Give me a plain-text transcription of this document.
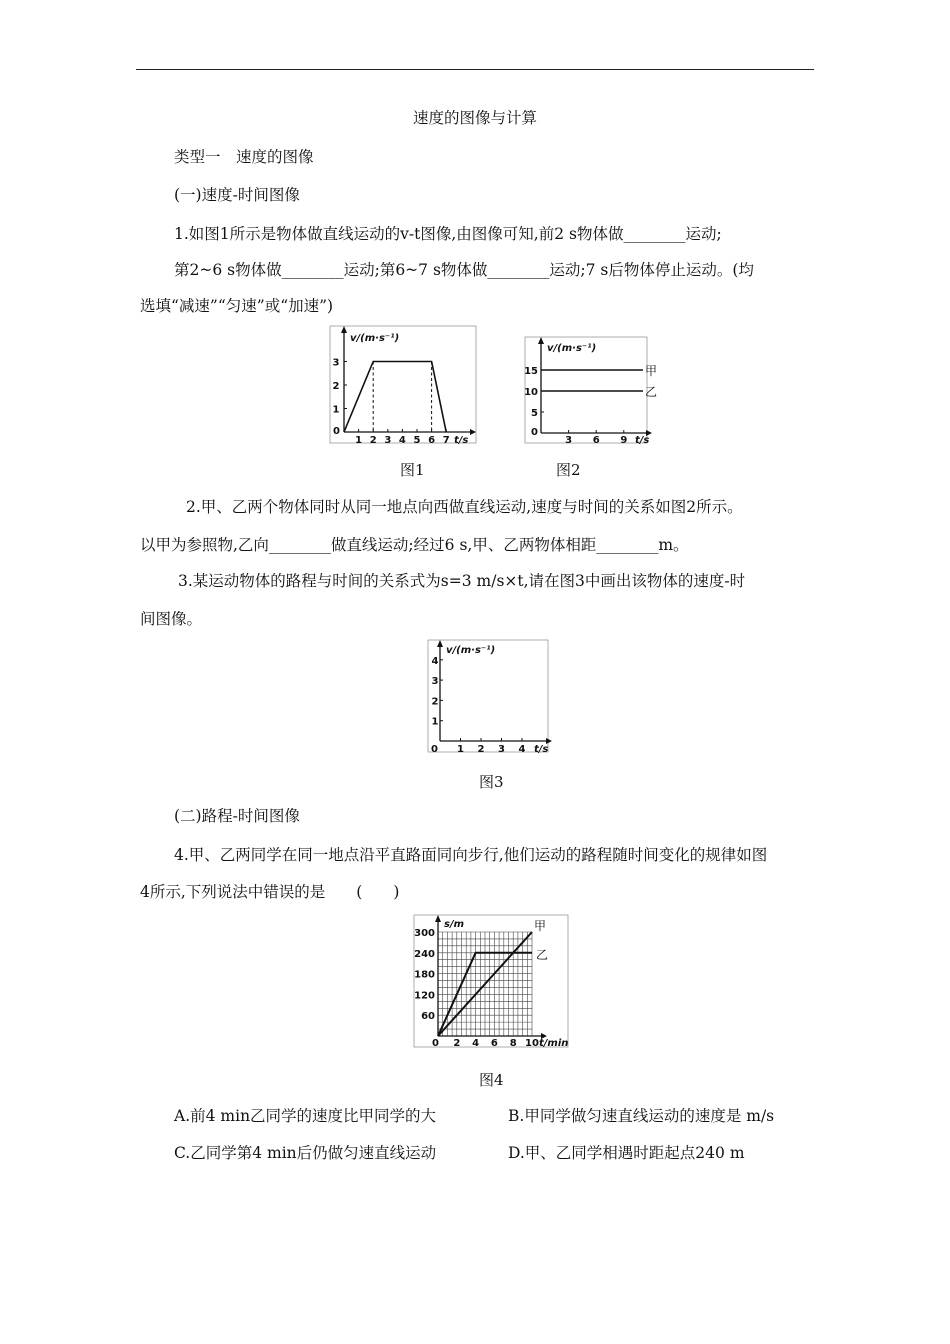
速度的图像与计算
类型一　速度的图像
(一)速度-时间图像
1.如图1所示是物体做直线运动的v-t图像,由图像可知,前2 s物体做________运动;
第2~6 s物体做________运动;第6~7 s物体做________运动;7 s后物体停止运动。(均
选填“减速”“匀速”或“加速”)
v/(m·s⁻¹)
t/s
0
1 2 3 4 5 6 7
1
2
3
图1
v/(m·s⁻¹)
t/s
0
3 6 9
5
10
15	甲
乙
图2
2.甲、乙两个物体同时从同一地点向西做直线运动,速度与时间的关系如图2所示。
以甲为参照物,乙向________做直线运动;经过6 s,甲、乙两物体相距________m。
3.某运动物体的路程与时间的关系式为s=3 m/s×t,请在图3中画出该物体的速度-时
间图像。
v/(m·s⁻¹)
t/s
0 1 2 3 4
1
2
3
4
图3
(二)路程-时间图像
4.甲、乙两同学在同一地点沿平直路面同向步行,他们运动的路程随时间变化的规律如图
4所示,下列说法中错误的是　　(　　)
s/m
t/min
0 2 4 6 8 10
60
120
180
240
300
甲
乙
图4
A.前4 min乙同学的速度比甲同学的大	B.甲同学做匀速直线运动的速度是 m/s
C.乙同学第4 min后仍做匀速直线运动	D.甲、乙同学相遇时距起点240 m
